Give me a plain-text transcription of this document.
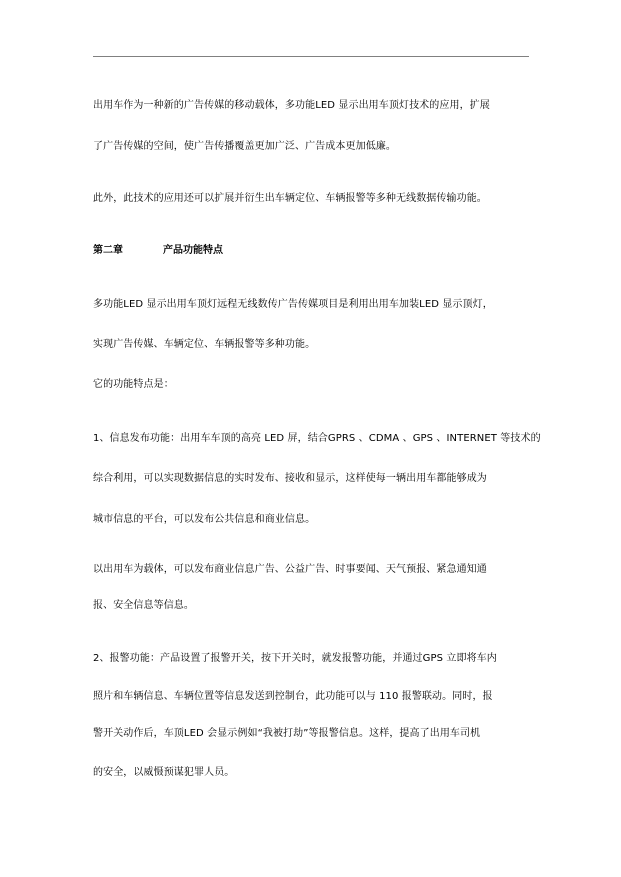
出用车作为一种新的广告传媒的移动载体，多功能LED 显示出用车顶灯技术的应用，扩展

了广告传媒的空间，使广告传播覆盖更加广泛、广告成本更加低廉。

此外，此技术的应用还可以扩展并衍生出车辆定位、车辆报警等多种无线数据传输功能。

第二章	产品功能特点

多功能LED 显示出用车顶灯远程无线数传广告传媒项目是利用出用车加装LED 显示顶灯，

实现广告传媒、车辆定位、车辆报警等多种功能。

它的功能特点是：

1、信息发布功能：出用车车顶的高亮 LED 屏，结合GPRS 、CDMA 、GPS 、INTERNET 等技术的

综合利用，可以实现数据信息的实时发布、接收和显示，这样使每一辆出用车都能够成为

城市信息的平台，可以发布公共信息和商业信息。

以出用车为载体，可以发布商业信息广告、公益广告、时事要闻、天气预报、紧急通知通

报、安全信息等信息。

2、报警功能：产品设置了报警开关，按下开关时，就发报警功能，并通过GPS 立即将车内

照片和车辆信息、车辆位置等信息发送到控制台，此功能可以与 110 报警联动。同时，报

警开关动作后，车顶LED 会显示例如“我被打劫”等报警信息。这样，提高了出用车司机

的安全，以威慑预谋犯罪人员。
